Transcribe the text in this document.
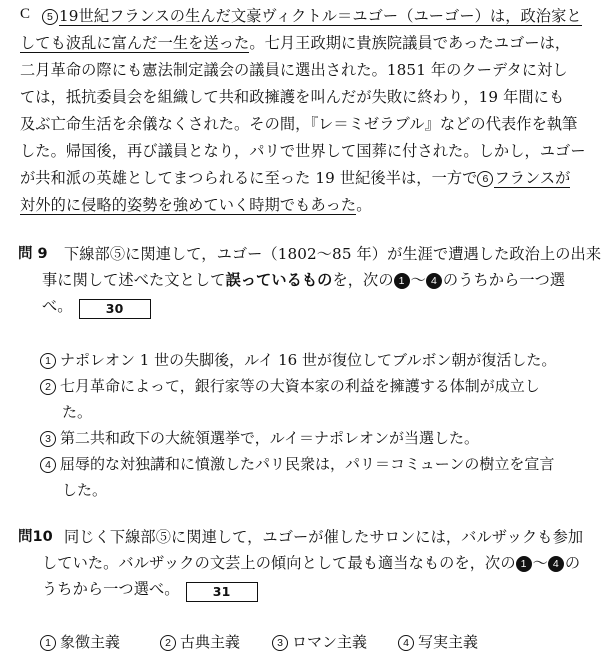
C	5 19世紀フランスの生んだ文豪ヴィクトル＝ユゴー（ユーゴー）は，政治家と
しても波乱に富んだ一生を送った。七月王政期に貴族院議員であったユゴーは，
二月革命の際にも憲法制定議会の議員に選出された。1851 年のクーデタに対し
ては，抵抗委員会を組織して共和政擁護を叫んだが失敗に終わり，19 年間にも
及ぶ亡命生活を余儀なくされた。その間，『レ＝ミゼラブル』などの代表作を執筆
した。帰国後，再び議員となり，パリで世界して国葬に付された。しかし，ユゴー
が共和派の英雄としてまつられるに至った 19 世紀後半は，一方で 6 フランスが
対外的に侵略的姿勢を強めていく時期でもあった。
問 9 下線部⑤に関連して，ユゴー（1802〜85 年）が生涯で遭遇した政治上の出来
事に関して述べた文として誤っているものを，次の 1 〜 4 のうちから一つ選
べ。	30
1 ナポレオン 1 世の失脚後，ルイ 16 世が復位してブルボン朝が復活した。
2 七月革命によって，銀行家等の大資本家の利益を擁護する体制が成立し
た。
3 第二共和政下の大統領選挙で，ルイ＝ナポレオンが当選した。
4 屈辱的な対独講和に憤激したパリ民衆は，パリ＝コミューンの樹立を宣言
した。
問10 同じく下線部⑤に関連して，ユゴーが催したサロンには，バルザックも参加
していた。バルザックの文芸上の傾向として最も適当なものを，次の 1 〜 4 の
うちから一つ選べ。	31
1 象徴主義	2 古典主義	3 ロマン主義	4 写実主義
